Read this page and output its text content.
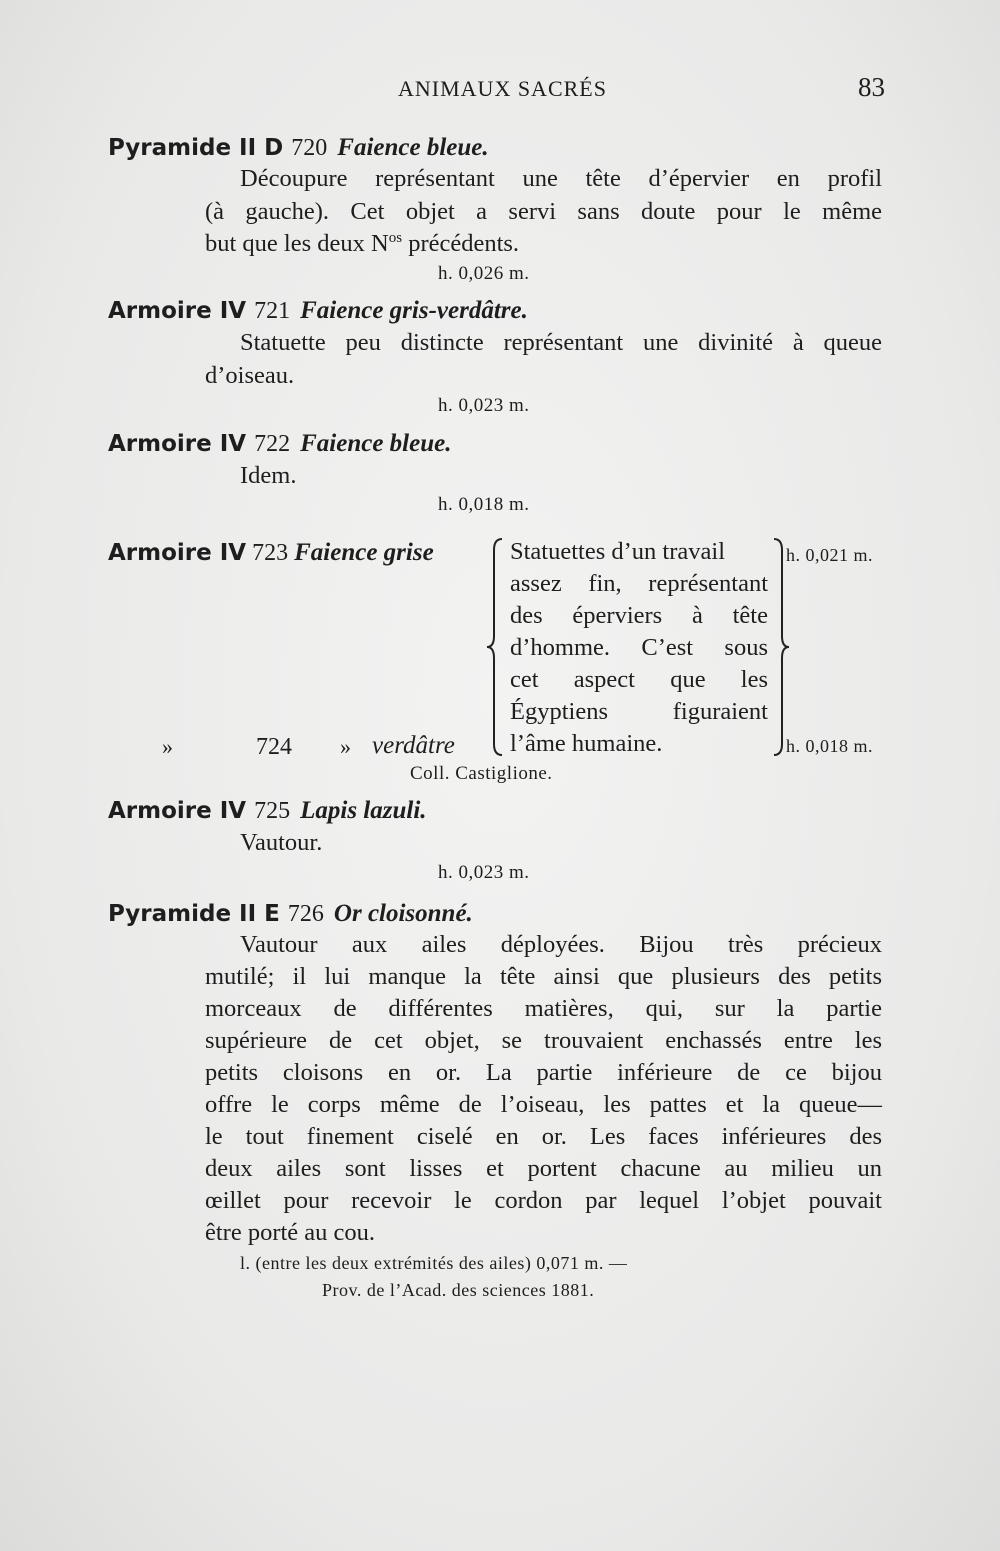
ANIMAUX SACRÉS	83
Pyramide II D 720 Faience bleue.
Découpure représentant une tête d’épervier en profil
(à gauche). Cet objet a servi sans doute pour le même
but que les deux $N^{os}$ précédents.
h. 0,026 m.
Armoire IV 721 Faience gris-verdâtre.
Statuette peu distincte représentant une divinité à queue
d’oiseau.
h. 0,023 m.
Armoire IV 722 Faience bleue.
Idem.
h. 0,018 m.
Armoire IV 723 Faience grise
»	724 » verdâtre
Statuettes d’un travail
assez fin, représentant
des éperviers à tête
d’homme. C’est sous
cet aspect que les
Égyptiens figuraient
l’âme humaine.
h. 0,021 m.
h. 0,018 m.
Coll. Castiglione.
Armoire IV 725 Lapis lazuli.
Vautour.
h. 0,023 m.
Pyramide II E 726 Or cloisonné.
Vautour aux ailes déployées. Bijou très précieux
mutilé; il lui manque la tête ainsi que plusieurs des petits
morceaux de différentes matières, qui, sur la partie
supérieure de cet objet, se trouvaient enchassés entre les
petits cloisons en or. La partie inférieure de ce bijou
offre le corps même de l’oiseau, les pattes et la queue—
le tout finement ciselé en or. Les faces inférieures des
deux ailes sont lisses et portent chacune au milieu un
œillet pour recevoir le cordon par lequel l’objet pouvait
être porté au cou.
l. (entre les deux extrémités des ailes) 0,071 m. —
Prov. de l’Acad. des sciences 1881.
